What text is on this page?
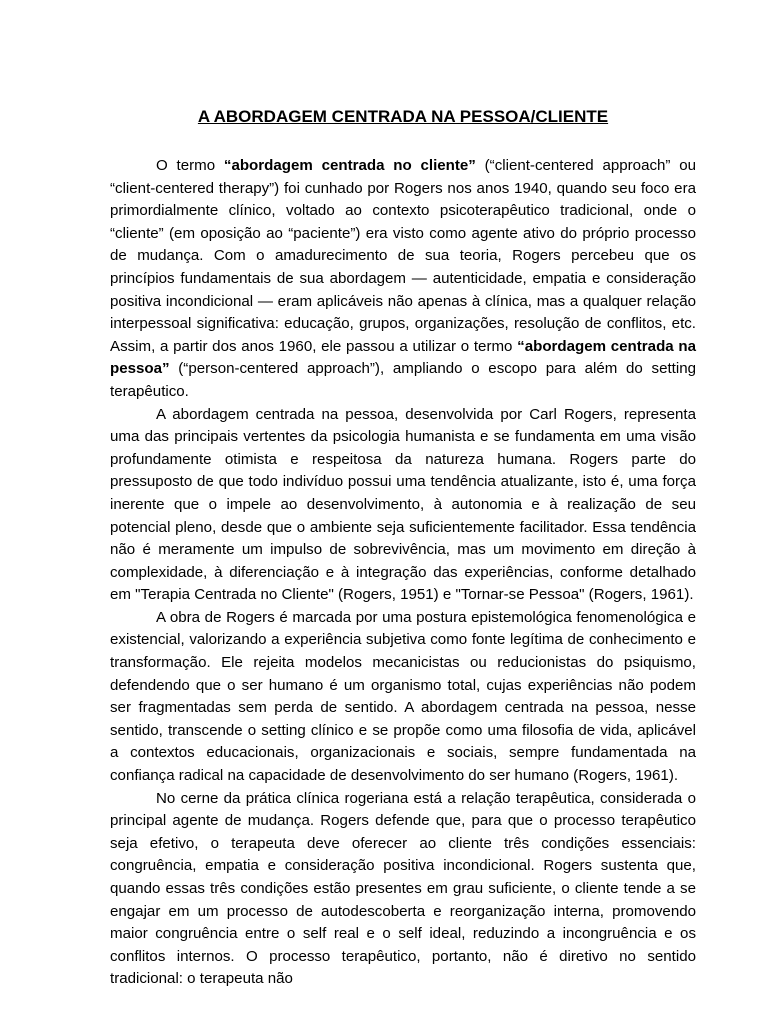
A ABORDAGEM CENTRADA NA PESSOA/CLIENTE

O termo “abordagem centrada no cliente” (“client-centered approach” ou “client-centered therapy”) foi cunhado por Rogers nos anos 1940, quando seu foco era primordialmente clínico, voltado ao contexto psicoterapêutico tradicional, onde o “cliente” (em oposição ao “paciente”) era visto como agente ativo do próprio processo de mudança. Com o amadurecimento de sua teoria, Rogers percebeu que os princípios fundamentais de sua abordagem — autenticidade, empatia e consideração positiva incondicional — eram aplicáveis não apenas à clínica, mas a qualquer relação interpessoal significativa: educação, grupos, organizações, resolução de conflitos, etc. Assim, a partir dos anos 1960, ele passou a utilizar o termo “abordagem centrada na pessoa” (“person-centered approach”), ampliando o escopo para além do setting terapêutico.

A abordagem centrada na pessoa, desenvolvida por Carl Rogers, representa uma das principais vertentes da psicologia humanista e se fundamenta em uma visão profundamente otimista e respeitosa da natureza humana. Rogers parte do pressuposto de que todo indivíduo possui uma tendência atualizante, isto é, uma força inerente que o impele ao desenvolvimento, à autonomia e à realização de seu potencial pleno, desde que o ambiente seja suficientemente facilitador. Essa tendência não é meramente um impulso de sobrevivência, mas um movimento em direção à complexidade, à diferenciação e à integração das experiências, conforme detalhado em "Terapia Centrada no Cliente" (Rogers, 1951) e "Tornar-se Pessoa" (Rogers, 1961).

A obra de Rogers é marcada por uma postura epistemológica fenomenológica e existencial, valorizando a experiência subjetiva como fonte legítima de conhecimento e transformação. Ele rejeita modelos mecanicistas ou reducionistas do psiquismo, defendendo que o ser humano é um organismo total, cujas experiências não podem ser fragmentadas sem perda de sentido. A abordagem centrada na pessoa, nesse sentido, transcende o setting clínico e se propõe como uma filosofia de vida, aplicável a contextos educacionais, organizacionais e sociais, sempre fundamentada na confiança radical na capacidade de desenvolvimento do ser humano (Rogers, 1961).

No cerne da prática clínica rogeriana está a relação terapêutica, considerada o principal agente de mudança. Rogers defende que, para que o processo terapêutico seja efetivo, o terapeuta deve oferecer ao cliente três condições essenciais: congruência, empatia e consideração positiva incondicional. Rogers sustenta que, quando essas três condições estão presentes em grau suficiente, o cliente tende a se engajar em um processo de autodescoberta e reorganização interna, promovendo maior congruência entre o self real e o self ideal, reduzindo a incongruência e os conflitos internos. O processo terapêutico, portanto, não é diretivo no sentido tradicional: o terapeuta não
